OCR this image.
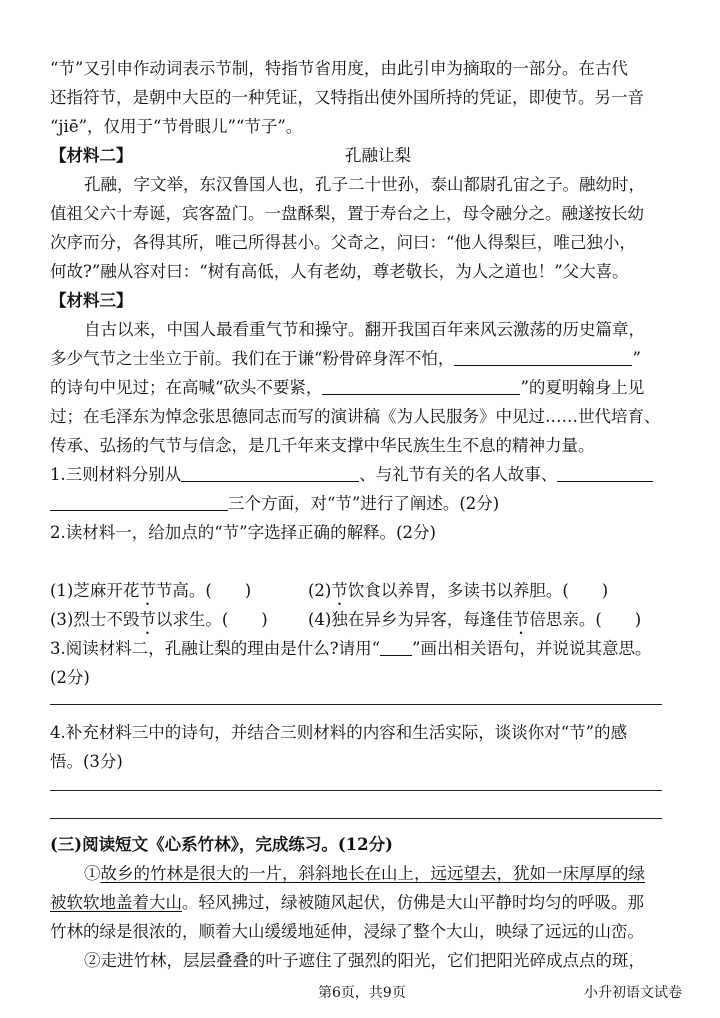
“节”又引申作动词表示节制，特指节省用度，由此引申为摘取的一部分。在古代
还指符节，是朝中大臣的一种凭证，又特指出使外国所持的凭证，即使节。另一音
“jiē”，仅用于“节骨眼儿”“节子”。
【材料二】	孔融让梨
孔融，字文举，东汉鲁国人也，孔子二十世孙，泰山都尉孔宙之子。融幼时，
值祖父六十寿诞，宾客盈门。一盘酥梨，置于寿台之上，母令融分之。融遂按长幼
次序而分，各得其所，唯己所得甚小。父奇之，问曰：“他人得梨巨，唯己独小，
何故?”融从容对曰：“树有高低，人有老幼，尊老敬长，为人之道也！”父大喜。
【材料三】
自古以来，中国人最看重气节和操守。翻开我国百年来风云激荡的历史篇章，
多少气节之士坐立于前。我们在于谦“粉骨碎身浑不怕，	”
的诗句中见过；在高喊“砍头不要紧，	”的夏明翰身上见
过；在毛泽东为悼念张思德同志而写的演讲稿《为人民服务》中见过……世代培育、
传承、弘扬的气节与信念，是几千年来支撑中华民族生生不息的精神力量。
1.三则材料分别从	、与礼节有关的名人故事、
三个方面，对“节”进行了阐述。(2分)
2.读材料一，给加点的“节”字选择正确的解释。(2分)
(1)芝麻开花节节高。(　　)	(2)节饮食以养胃，多读书以养胆。(　　)
(3)烈士不毁节以求生。(　　) (4)独在异乡为异客，每逢佳节倍思亲。(　　)
3.阅读材料二，孔融让梨的理由是什么?请用“ ”画出相关语句，并说说其意思。
(2分)
4.补充材料三中的诗句，并结合三则材料的内容和生活实际，谈谈你对“节”的感
悟。(3分)
(三)阅读短文《心系竹林》，完成练习。(12分)
①故乡的竹林是很大的一片，斜斜地长在山上，远远望去，犹如一床厚厚的绿
被软软地盖着大山。轻风拂过，绿被随风起伏，仿佛是大山平静时均匀的呼吸。那
竹林的绿是很浓的，顺着大山缓缓地延伸，浸绿了整个大山，映绿了远远的山峦。
②走进竹林，层层叠叠的叶子遮住了强烈的阳光，它们把阳光碎成点点的斑，
第6页，共9页	小升初语文试卷
